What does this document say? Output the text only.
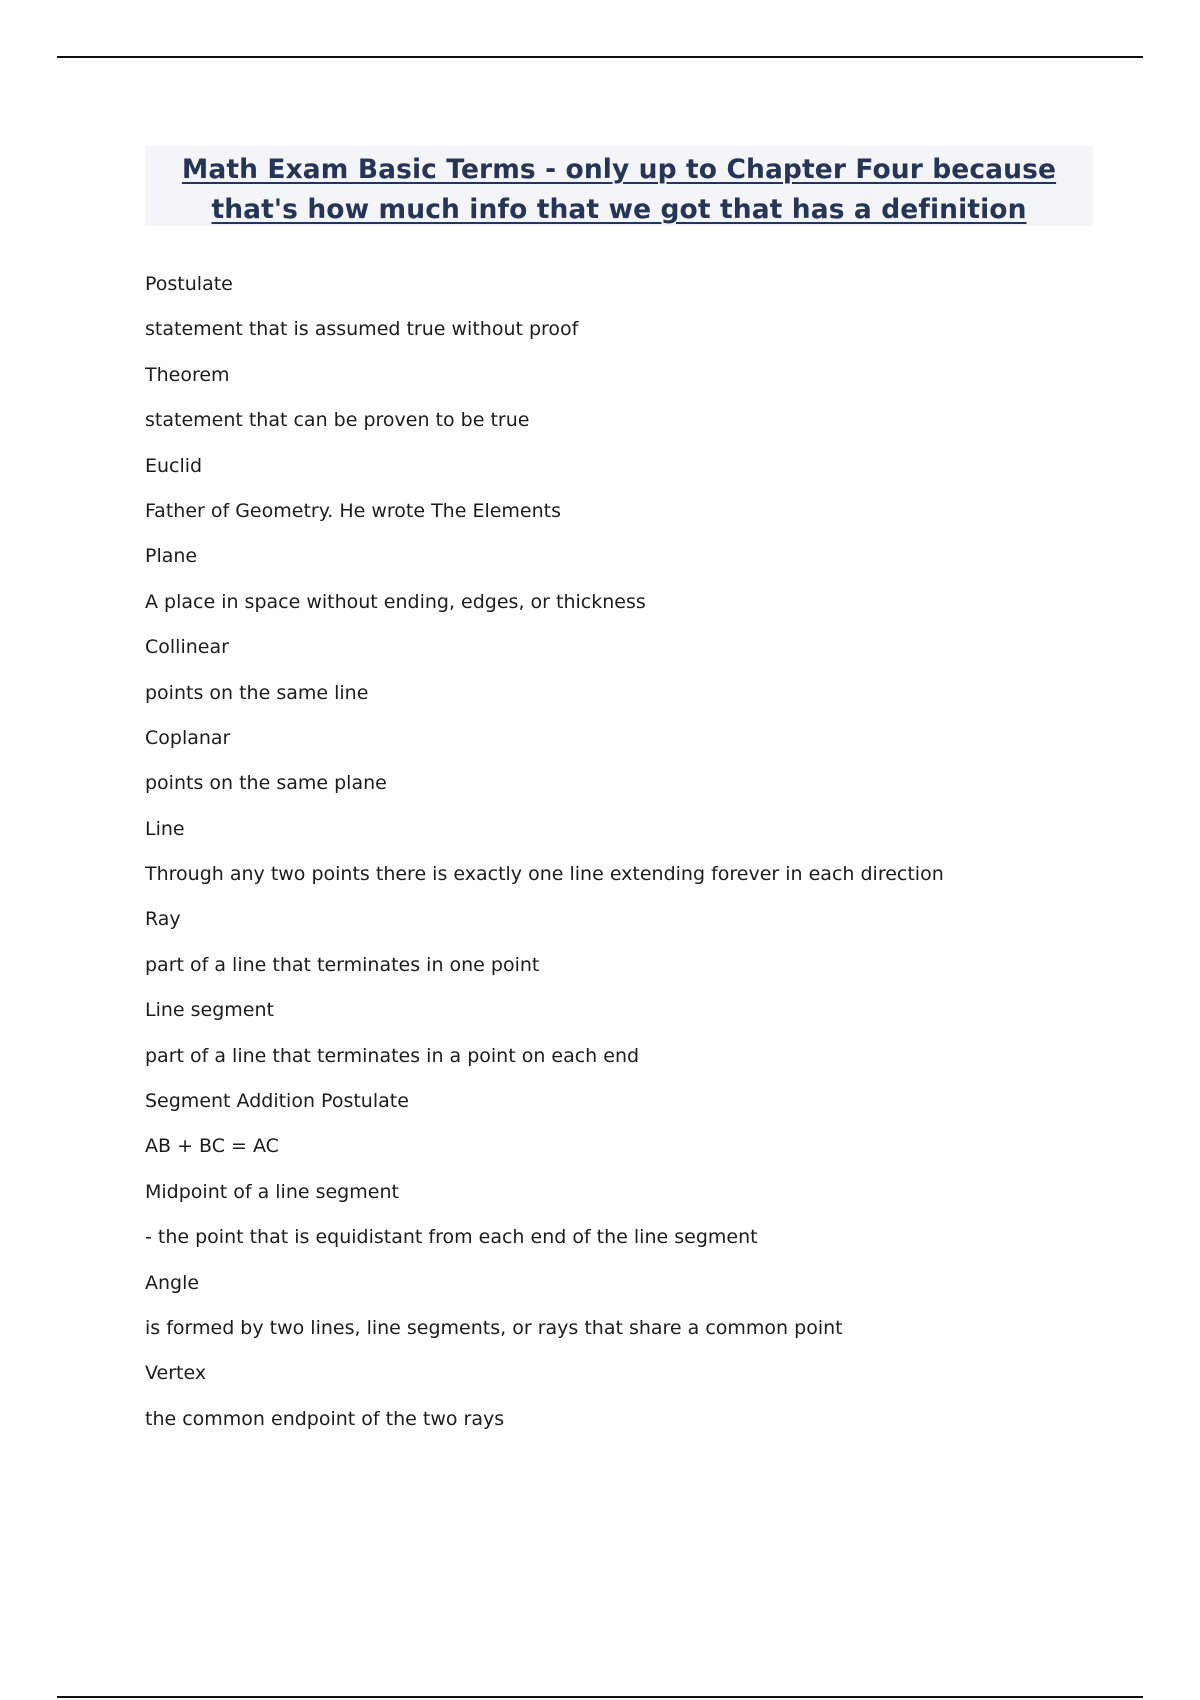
Math Exam Basic Terms - only up to Chapter Four because that's how much info that we got that has a definition
Postulate
statement that is assumed true without proof
Theorem
statement that can be proven to be true
Euclid
Father of Geometry. He wrote The Elements
Plane
A place in space without ending, edges, or thickness
Collinear
points on the same line
Coplanar
points on the same plane
Line
Through any two points there is exactly one line extending forever in each direction
Ray
part of a line that terminates in one point
Line segment
part of a line that terminates in a point on each end
Segment Addition Postulate
AB + BC = AC
Midpoint of a line segment
- the point that is equidistant from each end of the line segment
Angle
is formed by two lines, line segments, or rays that share a common point
Vertex
the common endpoint of the two rays
